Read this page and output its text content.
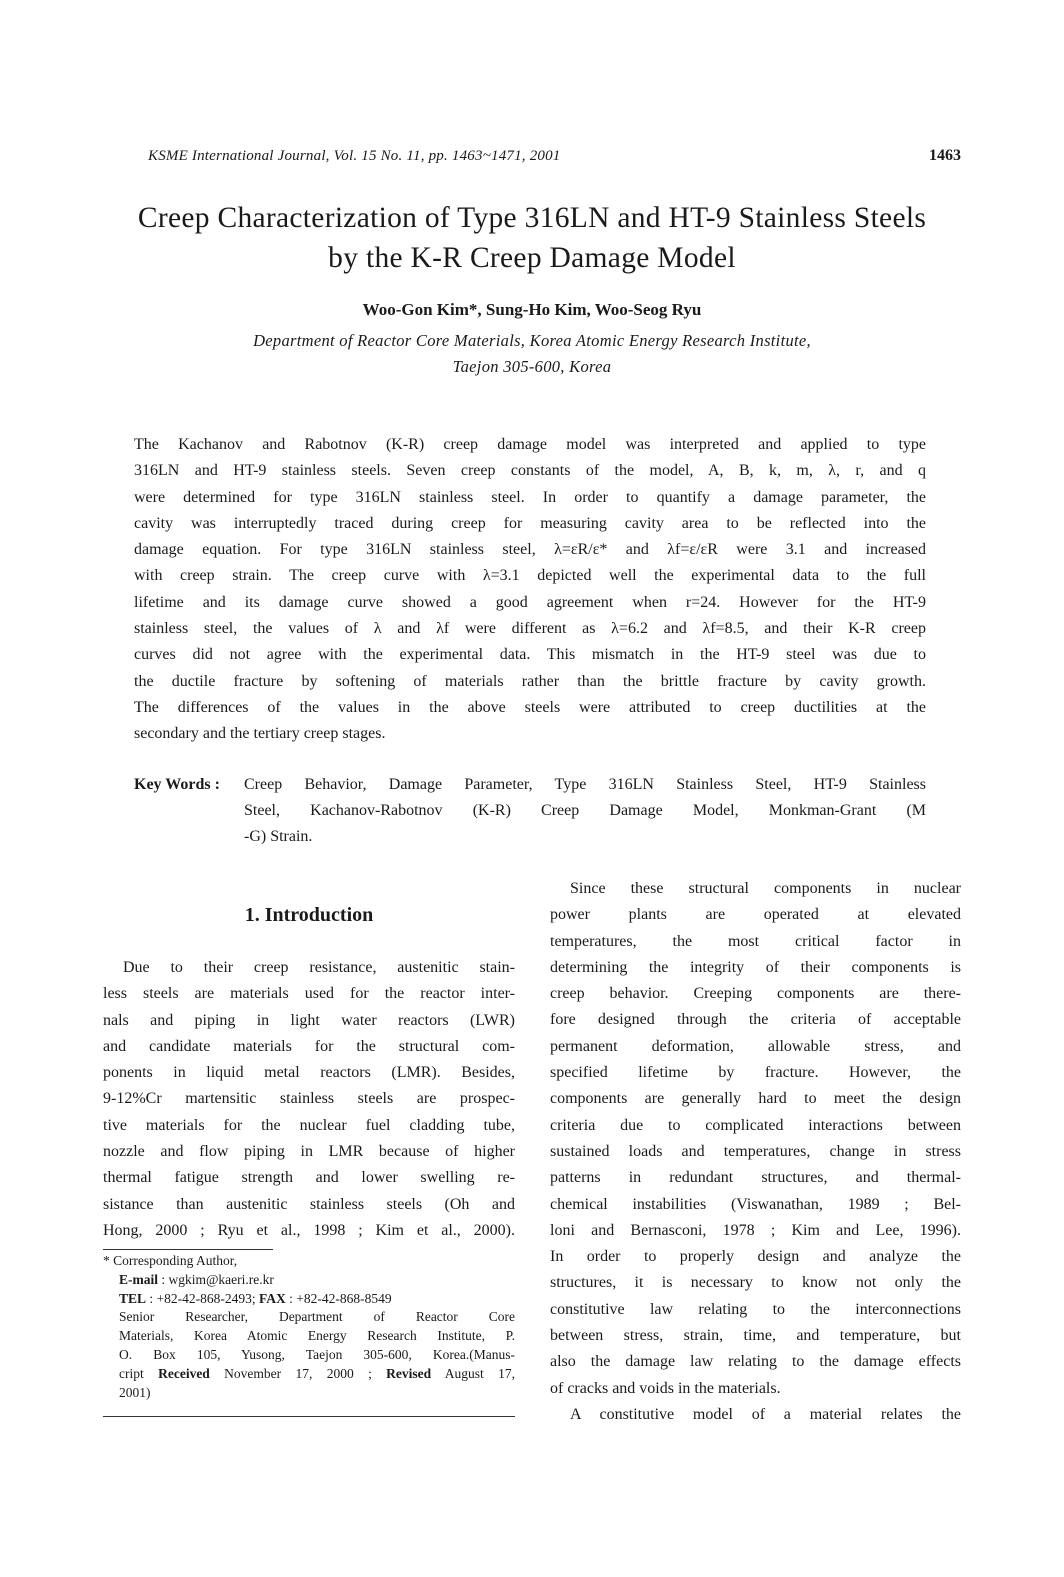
KSME International Journal, Vol. 15 No. 11, pp. 1463~1471, 2001	1463
Creep Characterization of Type 316LN and HT-9 Stainless Steels
by the K-R Creep Damage Model
Woo-Gon Kim*, Sung-Ho Kim, Woo-Seog Ryu
Department of Reactor Core Materials, Korea Atomic Energy Research Institute,
Taejon 305-600, Korea
The Kachanov and Rabotnov (K-R) creep damage model was interpreted and applied to type
316LN and HT-9 stainless steels. Seven creep constants of the model, A, B, k, m, λ, r, and q
were determined for type 316LN stainless steel. In order to quantify a damage parameter, the
cavity was interruptedly traced during creep for measuring cavity area to be reflected into the
damage equation. For type 316LN stainless steel, λ=εR/ε* and λf=ε/εR were 3.1 and increased
with creep strain. The creep curve with λ=3.1 depicted well the experimental data to the full
lifetime and its damage curve showed a good agreement when r=24. However for the HT-9
stainless steel, the values of λ and λf were different as λ=6.2 and λf=8.5, and their K-R creep
curves did not agree with the experimental data. This mismatch in the HT-9 steel was due to
the ductile fracture by softening of materials rather than the brittle fracture by cavity growth.
The differences of the values in the above steels were attributed to creep ductilities at the
secondary and the tertiary creep stages.
Key Words : Creep Behavior, Damage Parameter, Type 316LN Stainless Steel, HT-9 Stainless
Steel, Kachanov-Rabotnov (K-R) Creep Damage Model, Monkman-Grant (M
-G) Strain.
1. Introduction
Due to their creep resistance, austenitic stain-
less steels are materials used for the reactor inter-
nals and piping in light water reactors (LWR)
and candidate materials for the structural com-
ponents in liquid metal reactors (LMR). Besides,
9-12%Cr martensitic stainless steels are prospec-
tive materials for the nuclear fuel cladding tube,
nozzle and flow piping in LMR because of higher
thermal fatigue strength and lower swelling re-
sistance than austenitic stainless steels (Oh and
Hong, 2000 ; Ryu et al., 1998 ; Kim et al., 2000).
* Corresponding Author,
E-mail : wgkim@kaeri.re.kr
TEL : +82-42-868-2493; FAX : +82-42-868-8549
Senior Researcher, Department of Reactor Core
Materials, Korea Atomic Energy Research Institute, P.
O. Box 105, Yusong, Taejon 305-600, Korea.(Manus-
cript Received November 17, 2000 ; Revised August 17,
2001)
Since these structural components in nuclear
power plants are operated at elevated
temperatures, the most critical factor in
determining the integrity of their components is
creep behavior. Creeping components are there-
fore designed through the criteria of acceptable
permanent deformation, allowable stress, and
specified lifetime by fracture. However, the
components are generally hard to meet the design
criteria due to complicated interactions between
sustained loads and temperatures, change in stress
patterns in redundant structures, and thermal-
chemical instabilities (Viswanathan, 1989 ; Bel-
loni and Bernasconi, 1978 ; Kim and Lee, 1996).
In order to properly design and analyze the
structures, it is necessary to know not only the
constitutive law relating to the interconnections
between stress, strain, time, and temperature, but
also the damage law relating to the damage effects
of cracks and voids in the materials.
A constitutive model of a material relates the
